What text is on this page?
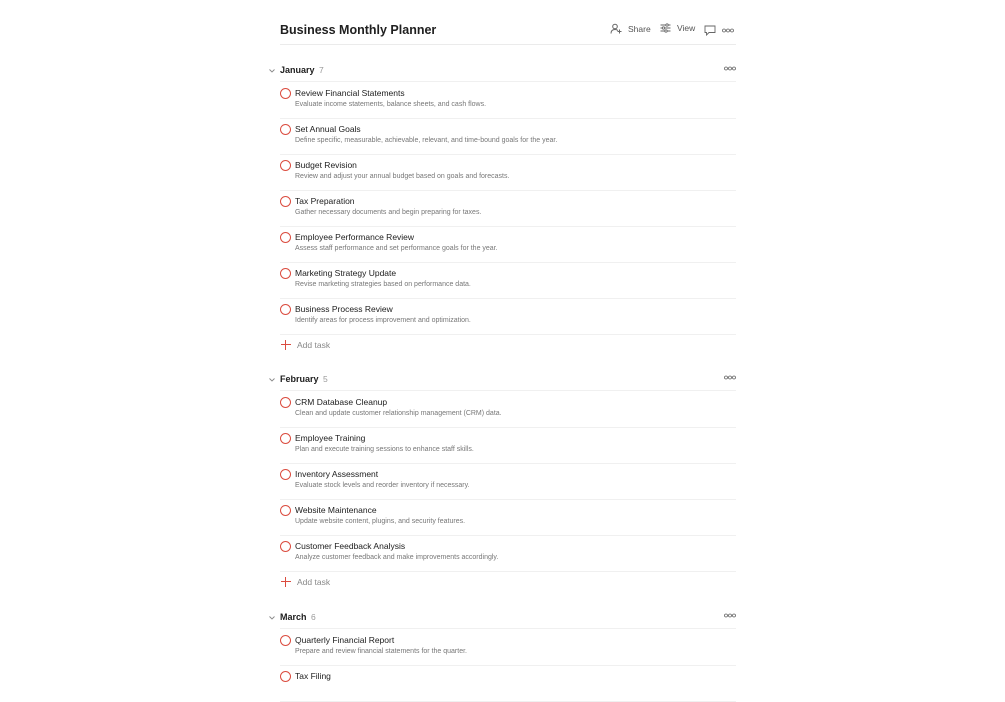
Business Monthly Planner	Share	View
January 7
Review Financial Statements
Evaluate income statements, balance sheets, and cash flows.
Set Annual Goals
Define specific, measurable, achievable, relevant, and time-bound goals for the year.
Budget Revision
Review and adjust your annual budget based on goals and forecasts.
Tax Preparation
Gather necessary documents and begin preparing for taxes.
Employee Performance Review
Assess staff performance and set performance goals for the year.
Marketing Strategy Update
Revise marketing strategies based on performance data.
Business Process Review
Identify areas for process improvement and optimization.
Add task
February 5
CRM Database Cleanup
Clean and update customer relationship management (CRM) data.
Employee Training
Plan and execute training sessions to enhance staff skills.
Inventory Assessment
Evaluate stock levels and reorder inventory if necessary.
Website Maintenance
Update website content, plugins, and security features.
Customer Feedback Analysis
Analyze customer feedback and make improvements accordingly.
Add task
March 6
Quarterly Financial Report
Prepare and review financial statements for the quarter.
Tax Filing
